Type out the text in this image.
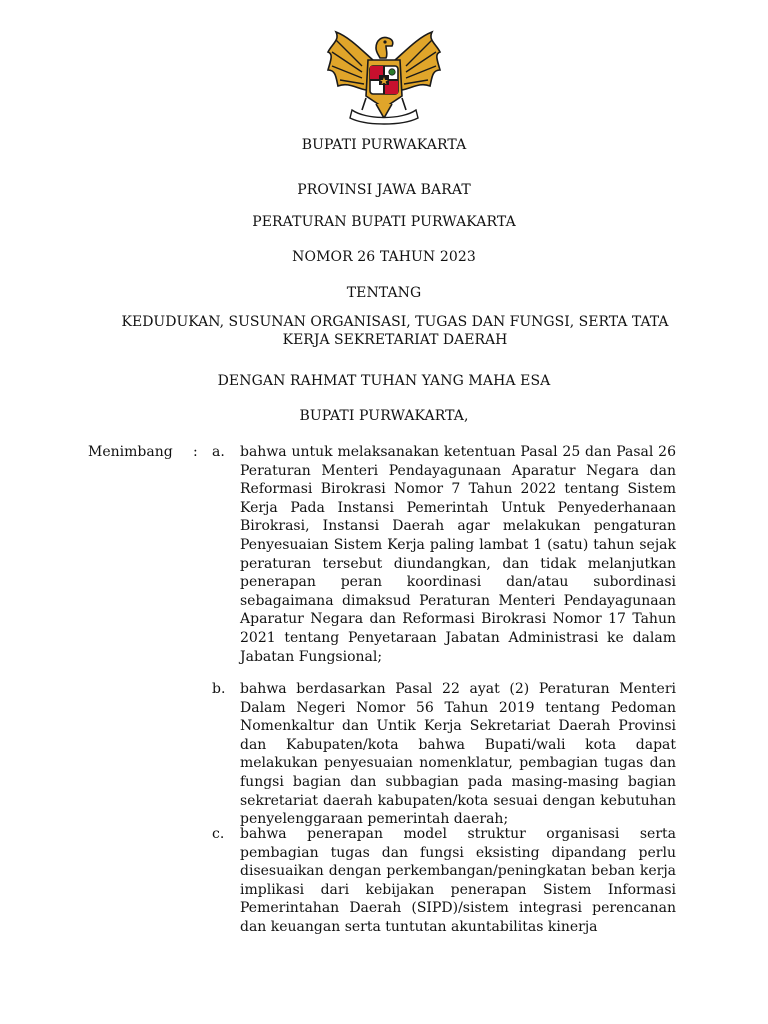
BUPATI PURWAKARTA
PROVINSI JAWA BARAT
PERATURAN BUPATI PURWAKARTA
NOMOR 26 TAHUN 2023
TENTANG
KEDUDUKAN, SUSUNAN ORGANISASI, TUGAS DAN FUNGSI, SERTA TATA
KERJA SEKRETARIAT DAERAH
DENGAN RAHMAT TUHAN YANG MAHA ESA
BUPATI PURWAKARTA,
Menimbang : a.	bahwa untuk melaksanakan ketentuan Pasal 25 dan Pasal 26 Peraturan Menteri Pendayagunaan Aparatur Negara dan Reformasi Birokrasi Nomor 7 Tahun 2022 tentang Sistem Kerja Pada Instansi Pemerintah Untuk Penyederhanaan Birokrasi, Instansi Daerah agar melakukan pengaturan Penyesuaian Sistem Kerja paling lambat 1 (satu) tahun sejak peraturan tersebut diundangkan, dan tidak melanjutkan penerapan peran koordinasi dan/atau subordinasi sebagaimana dimaksud Peraturan Menteri Pendayagunaan Aparatur Negara dan Reformasi Birokrasi Nomor 17 Tahun 2021 tentang Penyetaraan Jabatan Administrasi ke dalam Jabatan Fungsional;
b.	bahwa berdasarkan Pasal 22 ayat (2) Peraturan Menteri Dalam Negeri Nomor 56 Tahun 2019 tentang Pedoman Nomenkaltur dan Untik Kerja Sekretariat Daerah Provinsi dan Kabupaten/kota bahwa Bupati/wali kota dapat melakukan penyesuaian nomenklatur, pembagian tugas dan fungsi bagian dan subbagian pada masing-masing bagian sekretariat daerah kabupaten/kota sesuai dengan kebutuhan penyelenggaraan pemerintah daerah;
c.	bahwa penerapan model struktur organisasi serta pembagian tugas dan fungsi eksisting dipandang perlu disesuaikan dengan perkembangan/peningkatan beban kerja implikasi dari kebijakan penerapan Sistem Informasi Pemerintahan Daerah (SIPD)/sistem integrasi perencanan dan keuangan serta tuntutan akuntabilitas kinerja
